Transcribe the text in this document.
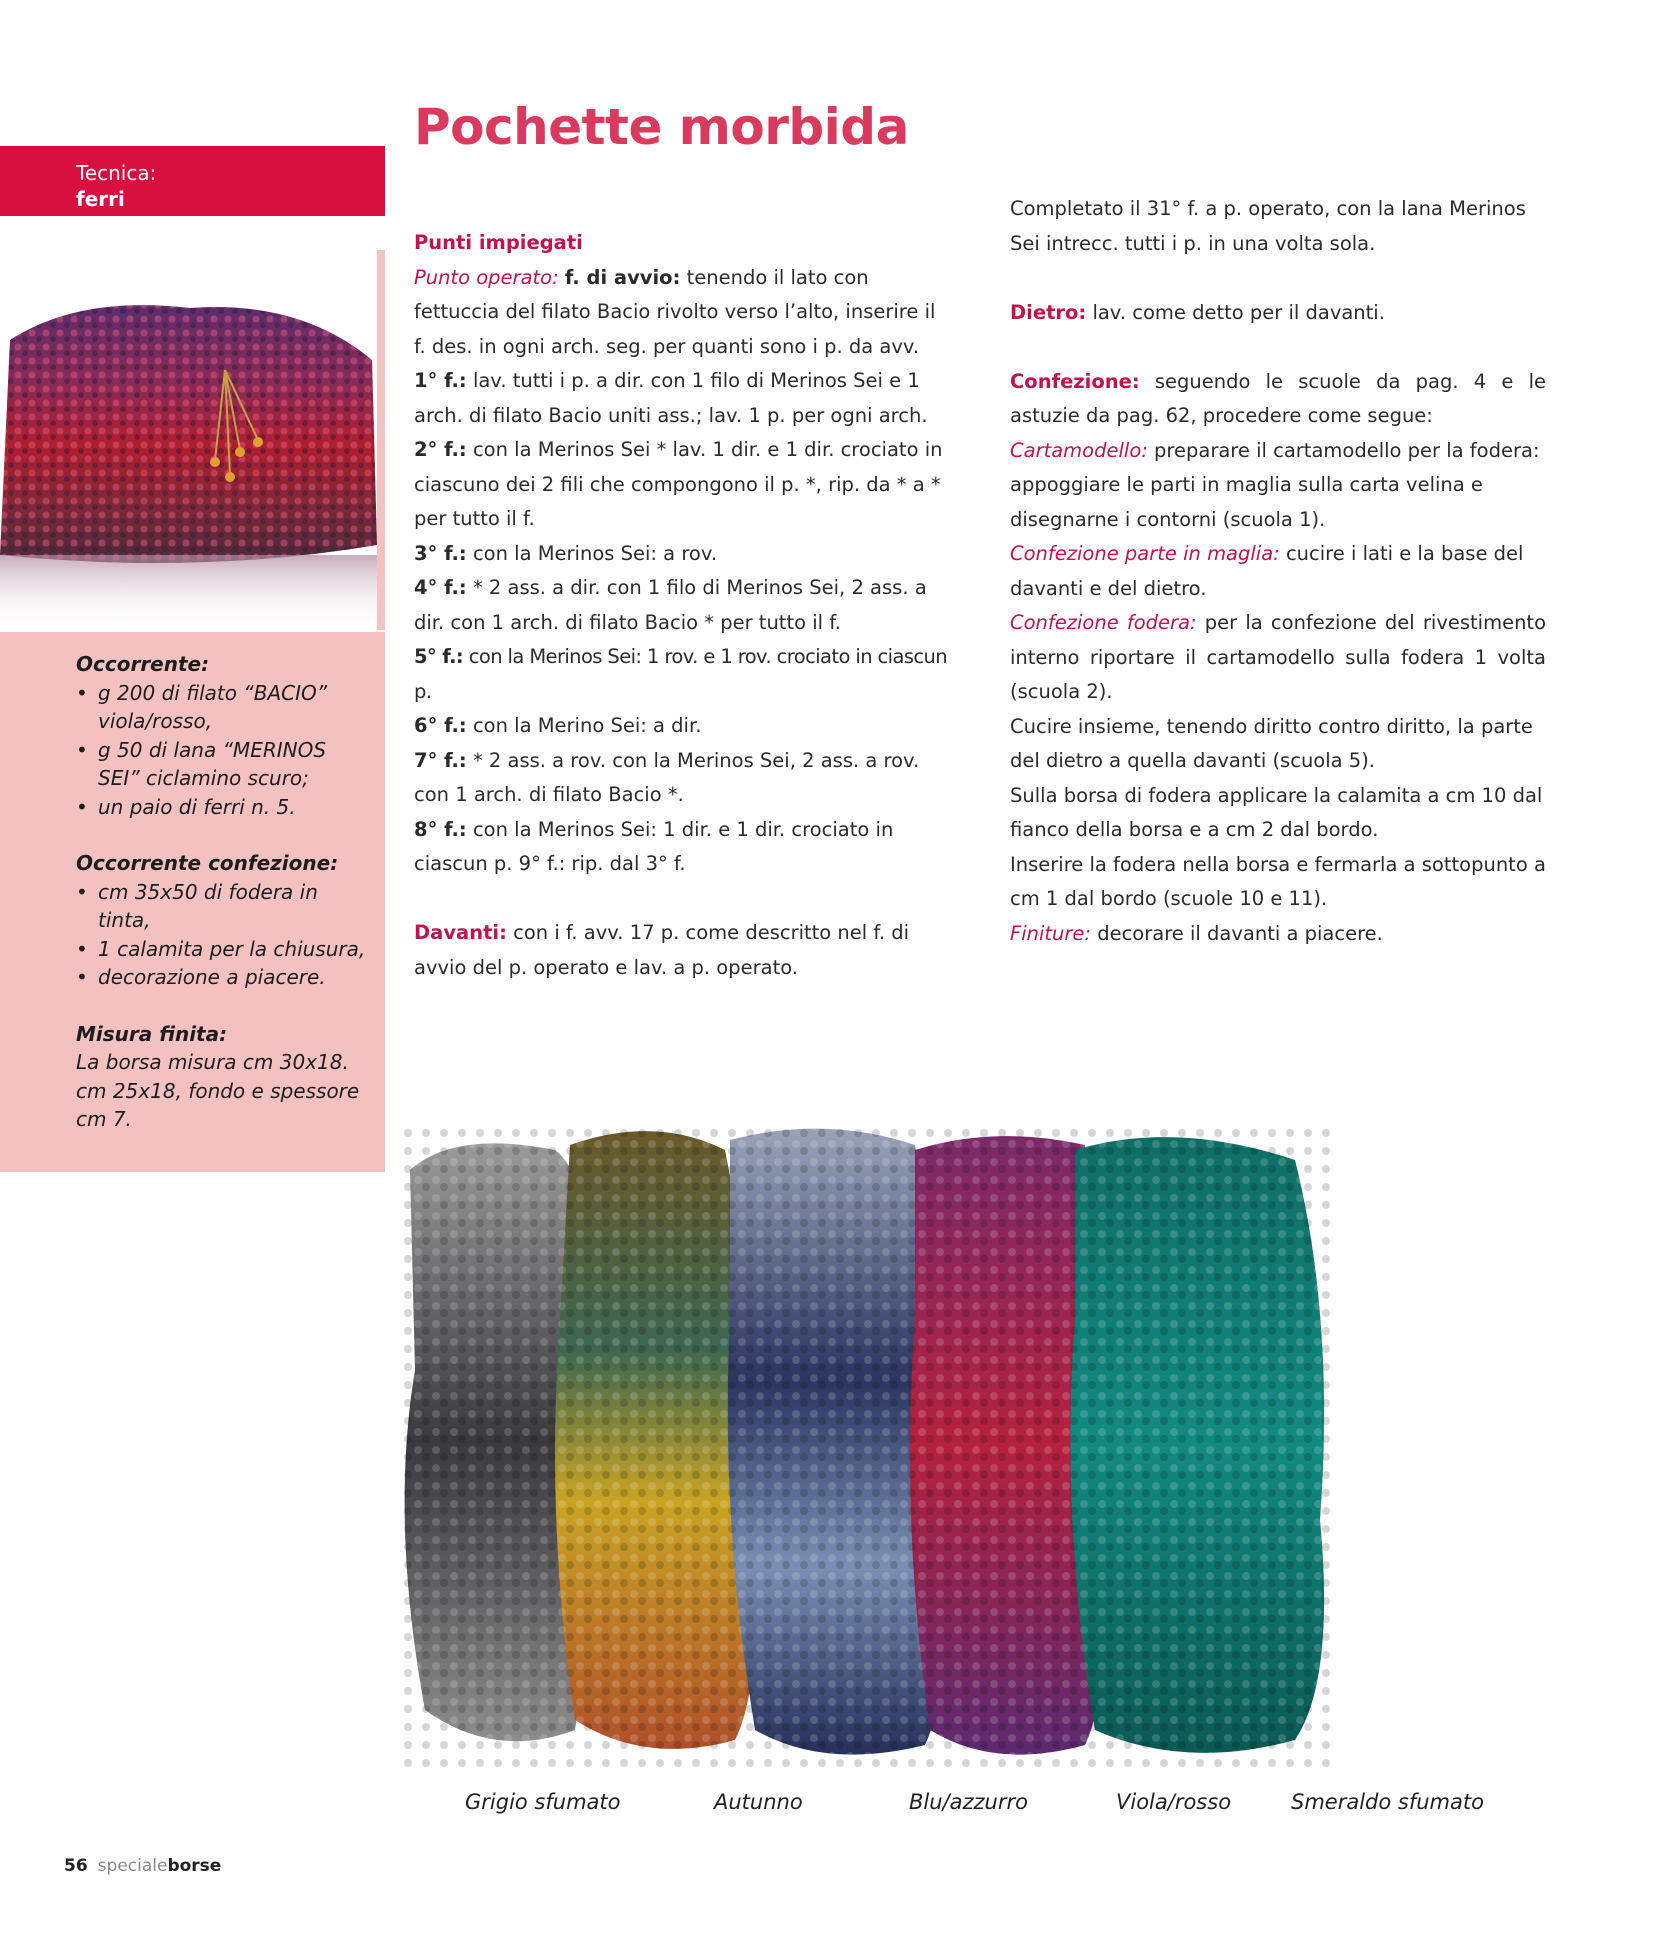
Pochette morbida
Tecnica:
ferri
Occorrente:
• g 200 di filato “BACIO” viola/rosso,
• g 50 di lana “MERINOS SEI” ciclamino scuro;
• un paio di ferri n. 5.
Occorrente confezione:
• cm 35x50 di fodera in tinta,
• 1 calamita per la chiusura,
• decorazione a piacere.
Misura finita:
La borsa misura cm 30x18.
cm 25x18, fondo e spessore
cm 7.

Punti impiegati

Punto operato: f. di avvio: tenendo il lato con fettuccia del filato Bacio rivolto verso l’alto, inserire il f. des. in ogni arch. seg. per quanti sono i p. da avv.

1° f.: lav. tutti i p. a dir. con 1 filo di Merinos Sei e 1 arch. di filato Bacio uniti ass.; lav. 1 p. per ogni arch.

2° f.: con la Merinos Sei * lav. 1 dir. e 1 dir. crociato in ciascuno dei 2 fili che compongono il p. *, rip. da * a * per tutto il f.

3° f.: con la Merinos Sei: a rov.

4° f.: * 2 ass. a dir. con 1 filo di Merinos Sei, 2 ass. a dir. con 1 arch. di filato Bacio * per tutto il f.

5° f.: con la Merinos Sei: 1 rov. e 1 rov. crociato in ciascun p.

6° f.: con la Merino Sei: a dir.

7° f.: * 2 ass. a rov. con la Merinos Sei, 2 ass. a rov. con 1 arch. di filato Bacio *.

8° f.: con la Merinos Sei: 1 dir. e 1 dir. crociato in ciascun p. 9° f.: rip. dal 3° f.

Davanti: con i f. avv. 17 p. come descritto nel f. di avvio del p. operato e lav. a p. operato.

Completato il 31° f. a p. operato, con la lana Merinos Sei intrecc. tutti i p. in una volta sola.

Dietro: lav. come detto per il davanti.

Confezione: seguendo le scuole da pag. 4 e le astuzie da pag. 62, procedere come segue:

Cartamodello: preparare il cartamodello per la fodera: appoggiare le parti in maglia sulla carta velina e disegnarne i contorni (scuola 1).

Confezione parte in maglia: cucire i lati e la base del davanti e del dietro.

Confezione fodera: per la confezione del rivestimento interno riportare il cartamodello sulla fodera 1 volta (scuola 2).

Cucire insieme, tenendo diritto contro diritto, la parte del dietro a quella davanti (scuola 5).

Sulla borsa di fodera applicare la calamita a cm 10 dal fianco della borsa e a cm 2 dal bordo.

Inserire la fodera nella borsa e fermarla a sottopunto a cm 1 dal bordo (scuole 10 e 11).

Finiture: decorare il davanti a piacere.

Grigio sfumato	Autunno	Blu/azzurro	Viola/rosso	Smeraldo sfumato
56 specialeborse
